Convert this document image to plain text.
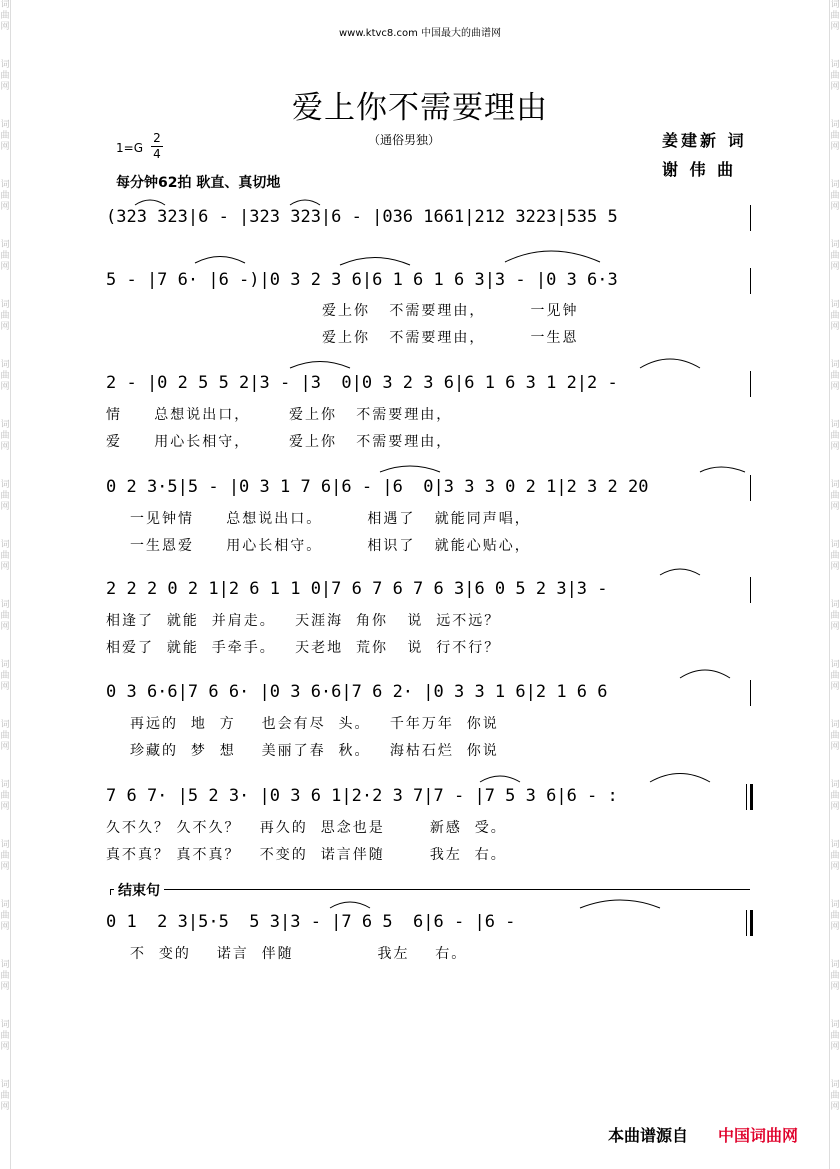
词
曲
网
词
曲
网
词
曲
网
词
曲
网
词
曲
网
词
曲
网
词
曲
网
词
曲
网
词
曲
网
词
曲
网
词
曲
网
词
曲
网
词
曲
网
词
曲
网
词
曲
网
词
曲
网
词
曲
网
词
曲
网
词
曲
网
词
曲
网
词
曲
网
词
曲
网
词
曲
网
词
曲
网
词
曲
网
词
曲
网
词
曲
网
词
曲
网
词
曲
网
词
曲
网
词
曲
网
词
曲
网
词
曲
网
词
曲
网
词
曲
网
词
曲
网
词
曲
网
词
曲
网
www.ktvc8.com 中国最大的曲谱网
爱上你不需要理由
（通俗男独）	姜建新 词
谢 伟 曲
1=G
2
4
每分钟62拍 耿直、真切地
(323 323|6 - |323 323|6 - |036 1661|212 3223|535 5
5 - |7 6· |6 -)|0 3 2 3 6|6 1 6 1 6 3|3 - |0 3 6·3
2 - |0 2 5 5 2|3 - |3  0|0 3 2 3 6|6 1 6 3 1 2|2 -
0 2 3·5|5 - |0 3 1 7 6|6 - |6  0|3 3 3 0 2 1|2 3 2 20
2 2 2 0 2 1|2 6 1 1 0|7 6 7 6 7 6 3|6 0 5 2 3|3 -
0 3 6·6|7 6 6· |0 3 6·6|7 6 2· |0 3 3 1 6|2 1 6 6
7 6 7· |5 2 3· |0 3 6 1|2·2 3 7|7 - |7 5 3 6|6 - :
0 1  2 3|5·5  5 3|3 - |7 6 5  6|6 - |6 -
爱上你   不需要理由，       一见钟
爱上你   不需要理由，       一生恩
情     总想说出口，      爱上你   不需要理由，
爱     用心长相守，      爱上你   不需要理由，
一见钟情     总想说出口。       相遇了   就能同声唱，
一生恩爱     用心长相守。       相识了   就能心贴心，
相逢了  就能  并肩走。   天涯海  角你   说  远不远？
相爱了  就能  手牵手。   天老地  荒你   说  行不行？
再远的  地  方    也会有尽  头。   千年万年  你说
珍藏的  梦  想    美丽了春  秋。   海枯石烂  你说
久不久？ 久不久？   再久的  思念也是       新感  受。
真不真？ 真不真？   不变的  诺言伴随       我左  右。
不  变的    诺言  伴随             我左    右。
结束句
本曲谱源自 中国词曲网
